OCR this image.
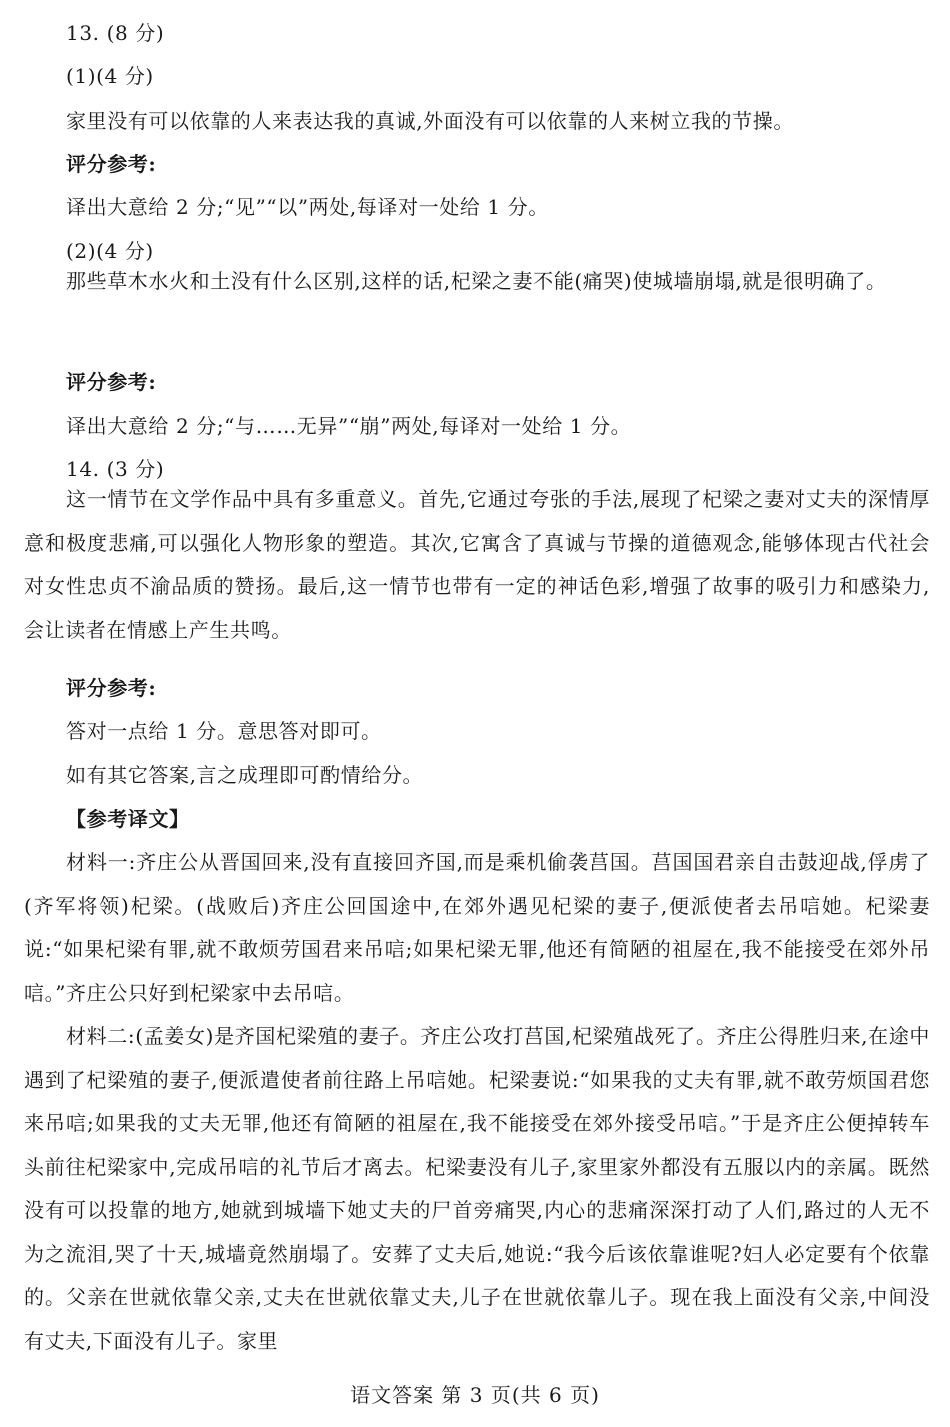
13. (8 分)
(1)(4 分)
家里没有可以依靠的人来表达我的真诚,外面没有可以依靠的人来树立我的节操。
评分参考:
译出大意给 2 分;“见”“以”两处,每译对一处给 1 分。
(2)(4 分)

那些草木水火和土没有什么区别,这样的话,杞梁之妻不能(痛哭)使城墙崩塌,就是很明确了。

评分参考:
译出大意给 2 分;“与……无异”“崩”两处,每译对一处给 1 分。
14. (3 分)

这一情节在文学作品中具有多重意义。首先,它通过夸张的手法,展现了杞梁之妻对丈夫的深情厚意和极度悲痛,可以强化人物形象的塑造。其次,它寓含了真诚与节操的道德观念,能够体现古代社会对女性忠贞不渝品质的赞扬。最后,这一情节也带有一定的神话色彩,增强了故事的吸引力和感染力,会让读者在情感上产生共鸣。

评分参考:
答对一点给 1 分。意思答对即可。
如有其它答案,言之成理即可酌情给分。
【参考译文】

材料一:齐庄公从晋国回来,没有直接回齐国,而是乘机偷袭莒国。莒国国君亲自击鼓迎战,俘虏了(齐军将领)杞梁。(战败后)齐庄公回国途中,在郊外遇见杞梁的妻子,便派使者去吊唁她。杞梁妻说:“如果杞梁有罪,就不敢烦劳国君来吊唁;如果杞梁无罪,他还有简陋的祖屋在,我不能接受在郊外吊唁。”齐庄公只好到杞梁家中去吊唁。

材料二:(孟姜女)是齐国杞梁殖的妻子。齐庄公攻打莒国,杞梁殖战死了。齐庄公得胜归来,在途中遇到了杞梁殖的妻子,便派遣使者前往路上吊唁她。杞梁妻说:“如果我的丈夫有罪,就不敢劳烦国君您来吊唁;如果我的丈夫无罪,他还有简陋的祖屋在,我不能接受在郊外接受吊唁。”于是齐庄公便掉转车头前往杞梁家中,完成吊唁的礼节后才离去。杞梁妻没有儿子,家里家外都没有五服以内的亲属。既然没有可以投靠的地方,她就到城墙下她丈夫的尸首旁痛哭,内心的悲痛深深打动了人们,路过的人无不为之流泪,哭了十天,城墙竟然崩塌了。安葬了丈夫后,她说:“我今后该依靠谁呢?妇人必定要有个依靠的。父亲在世就依靠父亲,丈夫在世就依靠丈夫,儿子在世就依靠儿子。现在我上面没有父亲,中间没有丈夫,下面没有儿子。家里

语文答案 第 3 页(共 6 页)
